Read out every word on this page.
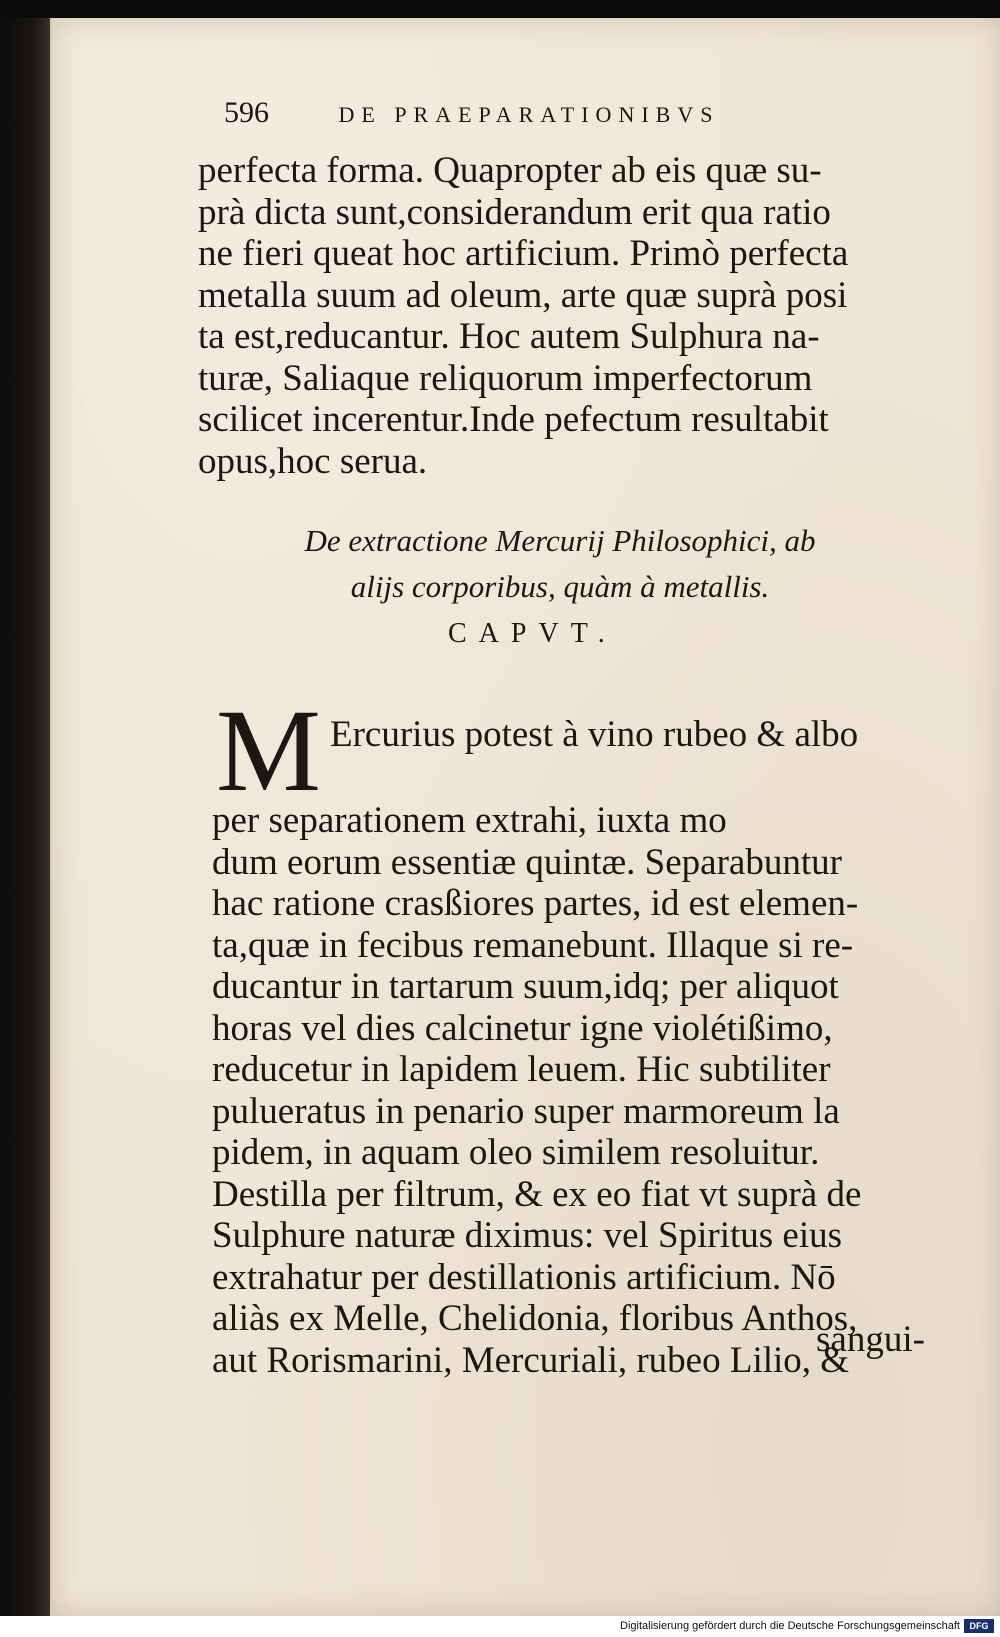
596	DE PRAEPARATIONIBVS
perfecta forma. Quapropter ab eis quæ su-
prà dicta sunt,considerandum erit qua ratio
ne fieri queat hoc artificium. Primò perfecta
metalla suum ad oleum, arte quæ suprà posi
ta est,reducantur. Hoc autem Sulphura na-
turæ, Saliaque reliquorum imperfectorum
scilicet incerentur.Inde pefectum resultabit
opus,hoc serua.
De extractione Mercurij Philosophici, ab
alijs corporibus, quàm à metallis.
CAPVT.
M Ercurius potest à vino rubeo & albo
per separationem extrahi, iuxta mo
dum eorum essentiæ quintæ. Separabuntur
hac ratione crasßiores partes, id est elemen-
ta,quæ in fecibus remanebunt. Illaque si re-
ducantur in tartarum suum,idq; per aliquot
horas vel dies calcinetur igne violétißimo,
reducetur in lapidem leuem. Hic subtiliter
pulueratus in penario super marmoreum la
pidem, in aquam oleo similem resoluitur.
Destilla per filtrum, & ex eo fiat vt suprà de
Sulphure naturæ diximus: vel Spiritus eius
extrahatur per destillationis artificium. Nō
aliàs ex Melle, Chelidonia, floribus Anthos,
aut Rorismarini, Mercuriali, rubeo Lilio, &
sangui-
Digitalisierung gefördert durch die Deutsche Forschungsgemeinschaft	DFG
